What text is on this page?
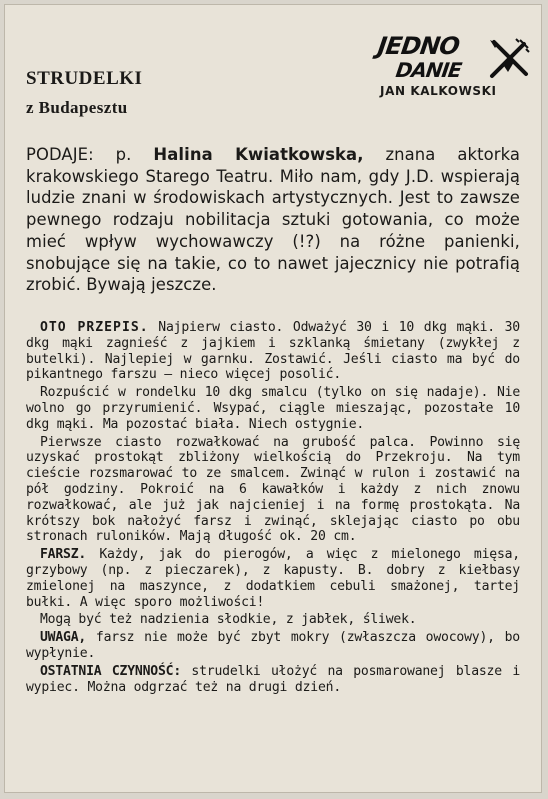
STRUDELKI
z Budapesztu
JEDNO
DANIE
JAN KALKOWSKI
PODAJE: p. Halina Kwiatkowska, znana aktorka krakowskiego Starego Teatru. Miło nam, gdy J.D. wspierają ludzie znani w środowiskach artystycznych. Jest to zawsze pewnego rodzaju nobilitacja sztuki gotowania, co może mieć wpływ wychowawczy (!?) na różne panienki, snobujące się na takie, co to nawet jajecznicy nie potrafią zrobić. Bywają jeszcze.

OTO PRZEPIS. Najpierw ciasto. Odważyć 30 i 10 dkg mąki. 30 dkg mąki zagnieść z jajkiem i szklanką śmietany (zwykłej z butelki). Najlepiej w garnku. Zostawić. Jeśli ciasto ma być do pikantnego farszu — nieco więcej posolić.

Rozpuścić w rondelku 10 dkg smalcu (tylko on się nadaje). Nie wolno go przyrumienić. Wsypać, ciągle mieszając, pozostałe 10 dkg mąki. Ma pozostać biała. Niech ostygnie.

Pierwsze ciasto rozwałkować na grubość palca. Powinno się uzyskać prostokąt zbliżony wielkością do Przekroju. Na tym cieście rozsmarować to ze smalcem. Zwinąć w rulon i zostawić na pół godziny. Pokroić na 6 kawałków i każdy z nich znowu rozwałkować, ale już jak najcieniej i na formę prostokąta. Na krótszy bok nałożyć farsz i zwinąć, sklejając ciasto po obu stronach ruloników. Mają długość ok. 20 cm.

FARSZ. Każdy, jak do pierogów, a więc z mielonego mięsa, grzybowy (np. z pieczarek), z kapusty. B. dobry z kiełbasy zmielonej na maszynce, z dodatkiem cebuli smażonej, tartej bułki. A więc sporo możliwości!

Mogą być też nadzienia słodkie, z jabłek, śliwek.

UWAGA, farsz nie może być zbyt mokry (zwłaszcza owocowy), bo wypłynie.

OSTATNIA CZYNNOŚĆ: strudelki ułożyć na posmarowanej blasze i wypiec. Można odgrzać też na drugi dzień.
